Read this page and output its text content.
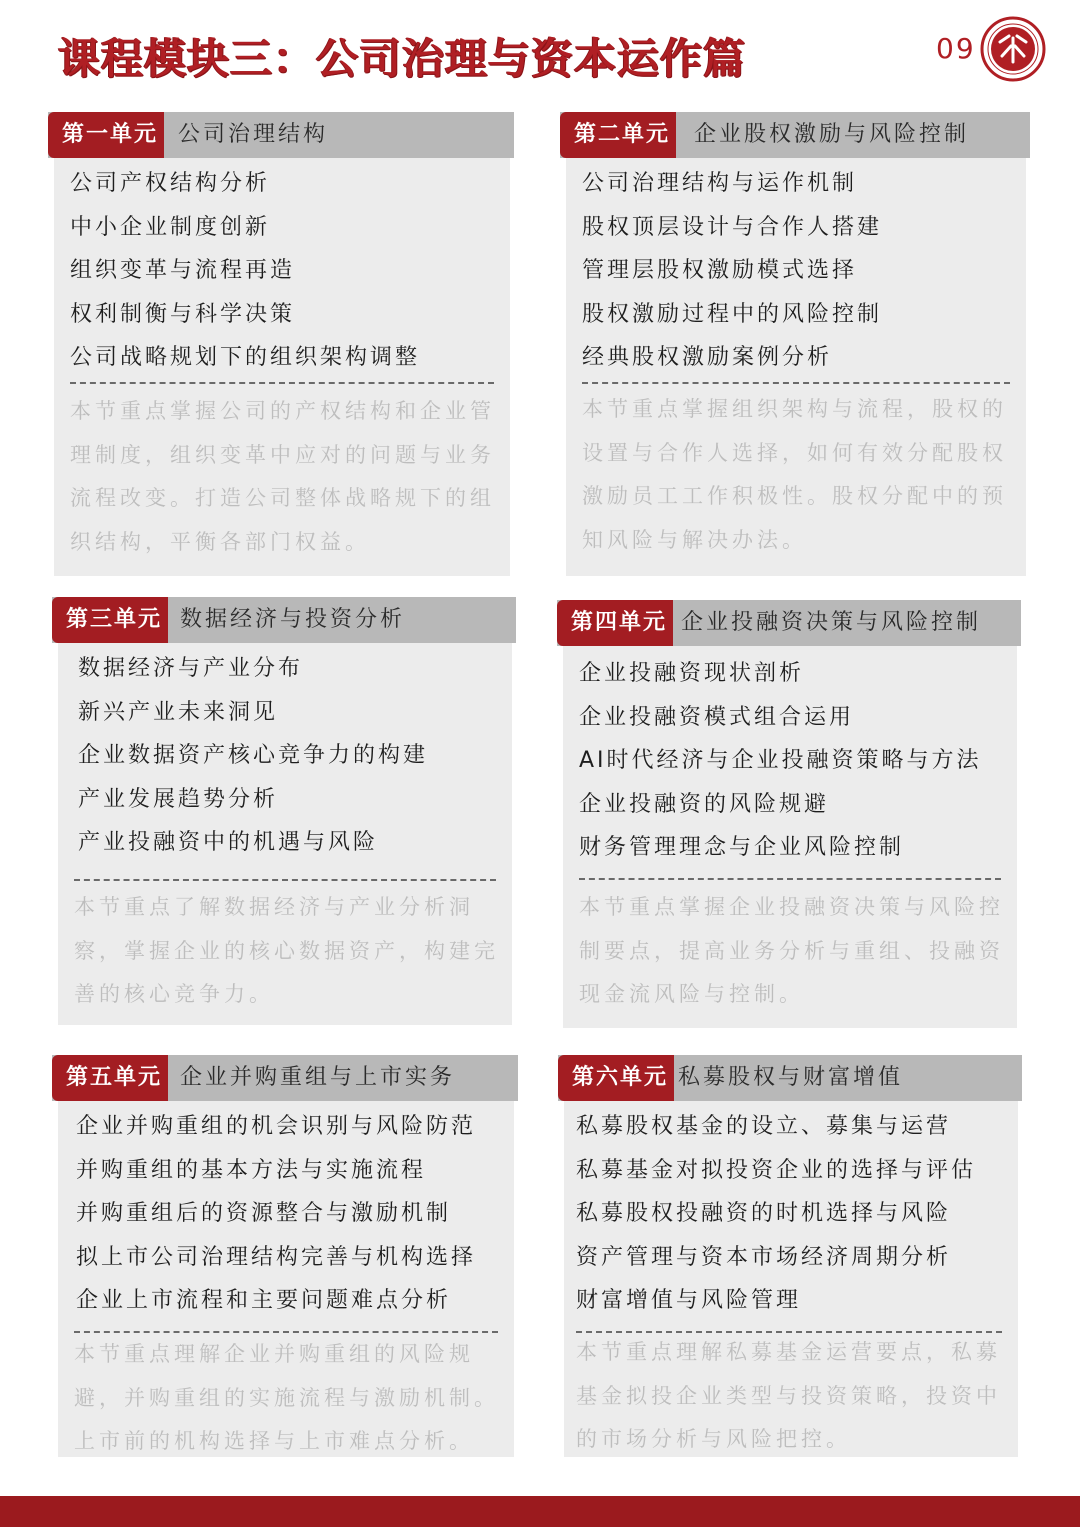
课程模块三：公司治理与资本运作篇	09
第一单元 公司治理结构
公司产权结构分析
中小企业制度创新
组织变革与流程再造
权利制衡与科学决策
公司战略规划下的组织架构调整

本节重点掌握公司的产权结构和企业管理制度，组织变革中应对的问题与业务流程改变。打造公司整体战略规下的组织结构，平衡各部门权益。

第二单元 企业股权激励与风险控制
公司治理结构与运作机制
股权顶层设计与合作人搭建
管理层股权激励模式选择
股权激励过程中的风险控制
经典股权激励案例分析

本节重点掌握组织架构与流程，股权的设置与合作人选择，如何有效分配股权激励员工工作积极性。股权分配中的预知风险与解决办法。

第三单元 数据经济与投资分析
数据经济与产业分布
新兴产业未来洞见
企业数据资产核心竞争力的构建
产业发展趋势分析
产业投融资中的机遇与风险

本节重点了解数据经济与产业分析洞察，掌握企业的核心数据资产，构建完善的核心竞争力。

第四单元 企业投融资决策与风险控制
企业投融资现状剖析
企业投融资模式组合运用
AI时代经济与企业投融资策略与方法
企业投融资的风险规避
财务管理理念与企业风险控制

本节重点掌握企业投融资决策与风险控制要点，提高业务分析与重组、投融资现金流风险与控制。

第五单元 企业并购重组与上市实务
企业并购重组的机会识别与风险防范
并购重组的基本方法与实施流程
并购重组后的资源整合与激励机制
拟上市公司治理结构完善与机构选择
企业上市流程和主要问题难点分析

本节重点理解企业并购重组的风险规避，并购重组的实施流程与激励机制。上市前的机构选择与上市难点分析。

第六单元 私募股权与财富增值
私募股权基金的设立、募集与运营
私募基金对拟投资企业的选择与评估
私募股权投融资的时机选择与风险
资产管理与资本市场经济周期分析
财富增值与风险管理

本节重点理解私募基金运营要点，私募基金拟投企业类型与投资策略，投资中的市场分析与风险把控。
